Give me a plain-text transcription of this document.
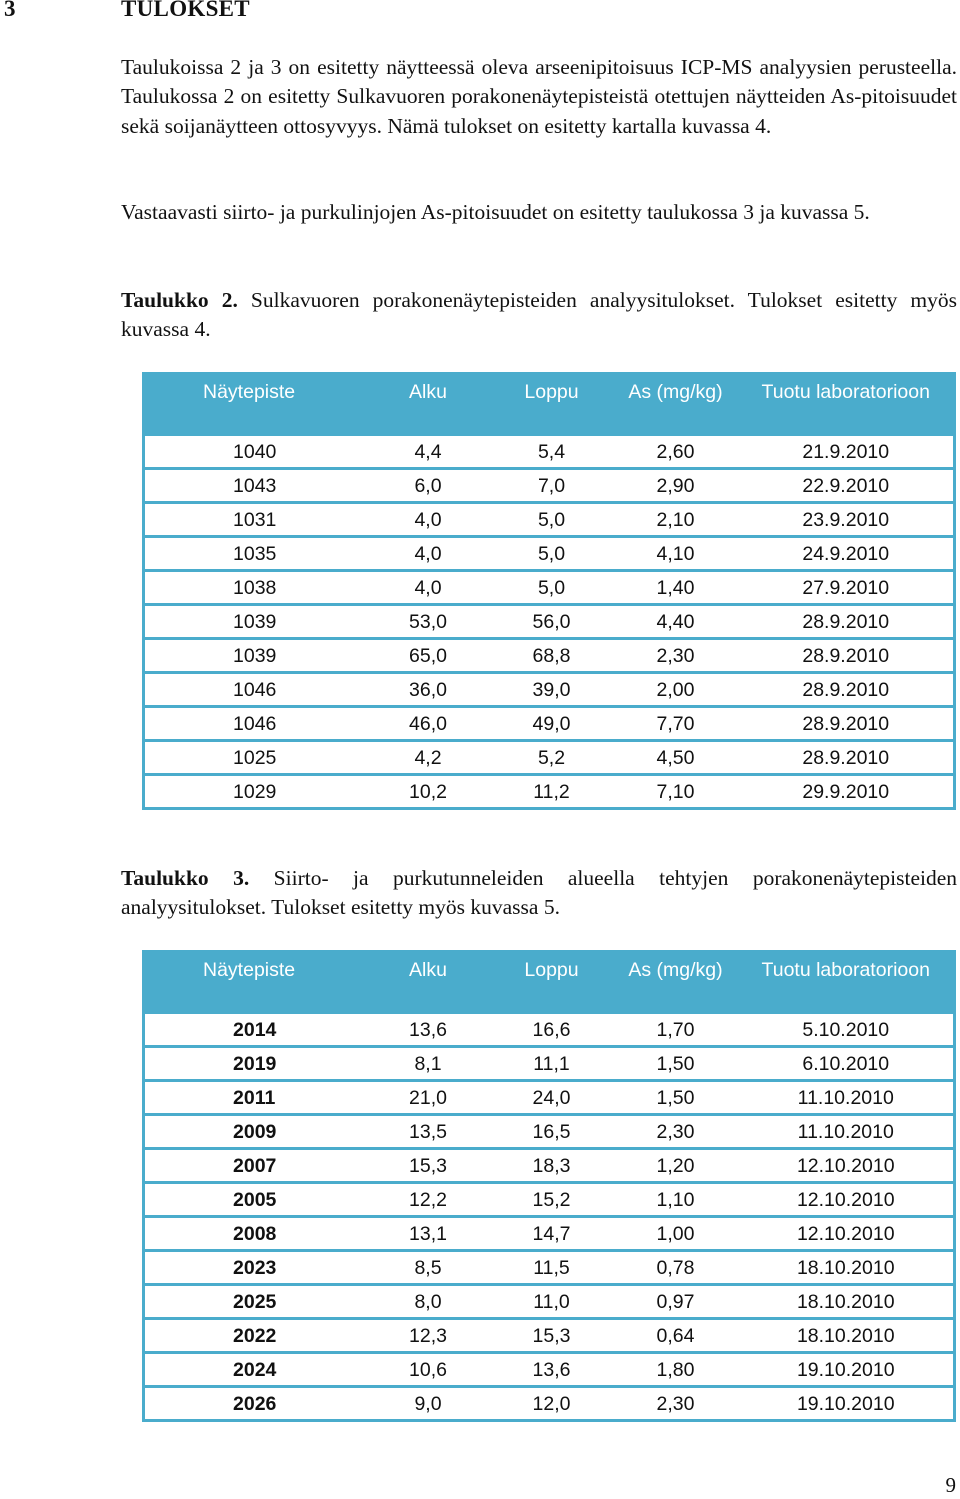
3	TULOKSET

Taulukoissa 2 ja 3 on esitetty näytteessä oleva arseenipitoisuus ICP-MS analyysien perusteella. Taulukossa 2 on esitetty Sulkavuoren porakonenäytepisteistä otettujen näytteiden As-pitoisuudet sekä soijanäytteen ottosyvyys. Nämä tulokset on esitetty kartalla kuvassa 4.

Vastaavasti siirto- ja purkulinjojen As-pitoisuudet on esitetty taulukossa 3 ja kuvassa 5.

Taulukko 2. Sulkavuoren porakonenäytepisteiden analyysitulokset. Tulokset esitetty myös kuvassa 4.

Näytepiste	Alku	Loppu	As (mg/kg)	Tuotu laboratorioon
1040	4,4	5,4	2,60	21.9.2010
1043	6,0	7,0	2,90	22.9.2010
1031	4,0	5,0	2,10	23.9.2010
1035	4,0	5,0	4,10	24.9.2010
1038	4,0	5,0	1,40	27.9.2010
1039	53,0	56,0	4,40	28.9.2010
1039	65,0	68,8	2,30	28.9.2010
1046	36,0	39,0	2,00	28.9.2010
1046	46,0	49,0	7,70	28.9.2010
1025	4,2	5,2	4,50	28.9.2010
1029	10,2	11,2	7,10	29.9.2010

Taulukko 3. Siirto- ja purkutunneleiden alueella tehtyjen porakonenäytepisteiden analyysitulokset. Tulokset esitetty myös kuvassa 5.

Näytepiste	Alku	Loppu	As (mg/kg)	Tuotu laboratorioon
2014	13,6	16,6	1,70	5.10.2010
2019	8,1	11,1	1,50	6.10.2010
2011	21,0	24,0	1,50	11.10.2010
2009	13,5	16,5	2,30	11.10.2010
2007	15,3	18,3	1,20	12.10.2010
2005	12,2	15,2	1,10	12.10.2010
2008	13,1	14,7	1,00	12.10.2010
2023	8,5	11,5	0,78	18.10.2010
2025	8,0	11,0	0,97	18.10.2010
2022	12,3	15,3	0,64	18.10.2010
2024	10,6	13,6	1,80	19.10.2010
2026	9,0	12,0	2,30	19.10.2010
9
